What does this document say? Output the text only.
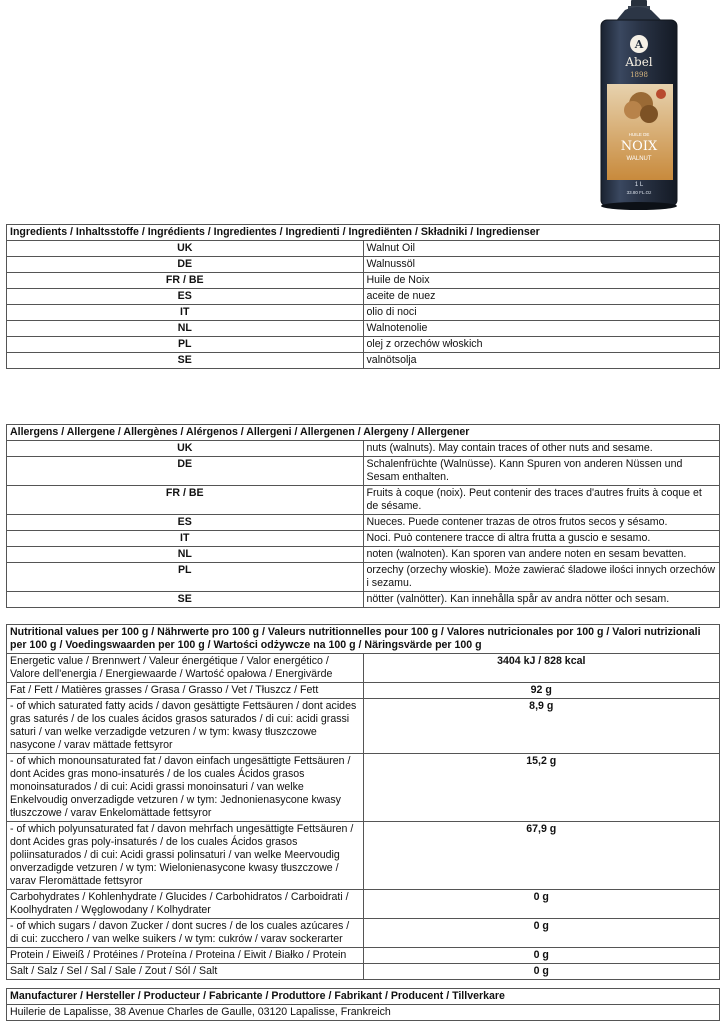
A
Abel
1898
HUILE DE
NOIX
WALNUT
1 L
33.80 FL.Oz
Ingredients / Inhaltsstoffe / Ingrédients / Ingredientes / Ingredienti / Ingrediënten / Składniki / Ingredienser	
UK	Walnut Oil
DE	Walnussöl
FR / BE	Huile de Noix
ES	aceite de nuez
IT	olio di noci
NL	Walnotenolie
PL	olej z orzechów włoskich
SE	valnötsolja
Allergens / Allergene / Allergènes / Alérgenos / Allergeni / Allergenen / Alergeny / Allergener	
UK	nuts (walnuts). May contain traces of other nuts and sesame.
DE	Schalenfrüchte (Walnüsse). Kann Spuren von anderen Nüssen und Sesam enthalten.
FR / BE	Fruits à coque (noix). Peut contenir des traces d'autres fruits à coque et de sésame.
ES	Nueces. Puede contener trazas de otros frutos secos y sésamo.
IT	Noci. Può contenere tracce di altra frutta a guscio e sesamo.
NL	noten (walnoten). Kan sporen van andere noten en sesam bevatten.
PL	orzechy (orzechy włoskie). Może zawierać śladowe ilości innych orzechów i sezamu.
SE	nötter (valnötter). Kan innehålla spår av andra nötter och sesam.
Nutritional values per 100 g / Nährwerte pro 100 g / Valeurs nutritionnelles pour 100 g / Valores nutricionales por 100 g / Valori nutrizionali per 100 g / Voedingswaarden per 100 g / Wartości odżywcze na 100 g / Näringsvärde per 100 g	
Energetic value / Brennwert / Valeur énergétique / Valor energético / Valore dell'energia / Energiewaarde / Wartość opałowa / Energivärde	3404 kJ / 828 kcal
Fat / Fett / Matières grasses / Grasa / Grasso / Vet / Tłuszcz / Fett	92 g
- of which saturated fatty acids / davon gesättigte Fettsäuren / dont acides gras saturés / de los cuales ácidos grasos saturados / di cui: acidi grassi saturi / van welke verzadigde vetzuren / w tym: kwasy tłuszczowe nasycone / varav mättade fettsyror	8,9 g
- of which monounsaturated fat / davon einfach ungesättigte Fettsäuren / dont Acides gras mono-insaturés / de los cuales Ácidos grasos monoinsaturados / di cui: Acidi grassi monoinsaturi / van welke Enkelvoudig onverzadigde vetzuren / w tym: Jednonienasycone kwasy tłuszczowe / varav Enkelomättade fettsyror	15,2 g
- of which polyunsaturated fat / davon mehrfach ungesättigte Fettsäuren / dont Acides gras poly-insaturés / de los cuales Ácidos grasos poliinsaturados / di cui: Acidi grassi polinsaturi / van welke Meervoudig onverzadigde vetzuren / w tym: Wielonienasycone kwasy tłuszczowe / varav Fleromättade fettsyror	67,9 g
Carbohydrates / Kohlenhydrate / Glucides / Carbohidratos / Carboidrati / Koolhydraten / Węglowodany / Kolhydrater	0 g
- of which sugars / davon Zucker / dont sucres / de los cuales azúcares / di cui: zucchero / van welke suikers / w tym: cukrów / varav sockerarter	0 g
Protein / Eiweiß / Protéines / Proteína / Proteina / Eiwit / Białko / Protein	0 g
Salt / Salz / Sel / Sal / Sale / Zout / Sól / Salt	0 g
Manufacturer / Hersteller / Producteur / Fabricante / Produttore / Fabrikant / Producent / Tillverkare
Huilerie de Lapalisse, 38 Avenue Charles de Gaulle, 03120 Lapalisse, Frankreich
